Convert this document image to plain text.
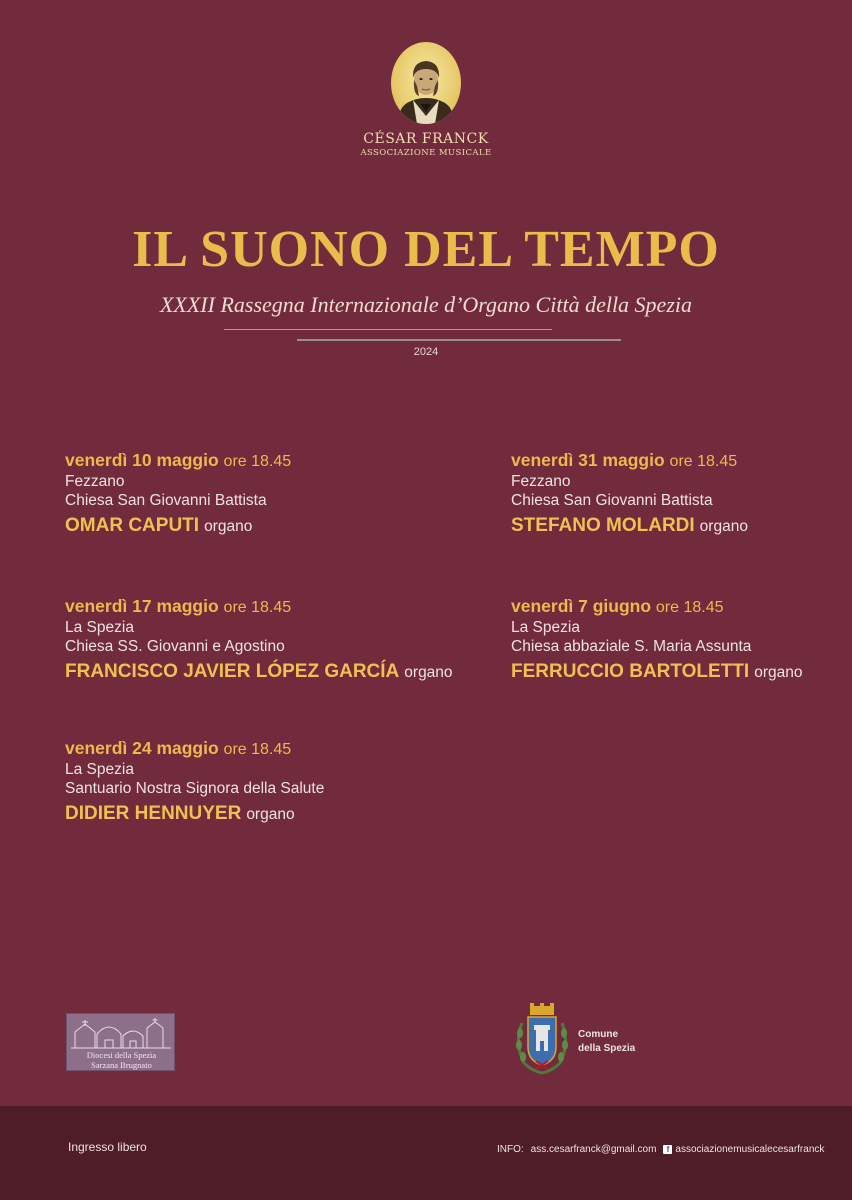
CÉSAR FRANCK
ASSOCIAZIONE MUSICALE
IL SUONO DEL TEMPO
XXXII Rassegna Internazionale d’Organo Città della Spezia
2024
venerdì 10 maggio ore 18.45
Fezzano
Chiesa San Giovanni Battista
OMAR CAPUTI organo
venerdì 17 maggio ore 18.45
La Spezia
Chiesa SS. Giovanni e Agostino
FRANCISCO JAVIER LÓPEZ GARCÍA organo
venerdì 24 maggio ore 18.45
La Spezia
Santuario Nostra Signora della Salute
DIDIER HENNUYER organo
venerdì 31 maggio ore 18.45
Fezzano
Chiesa San Giovanni Battista
STEFANO MOLARDI organo
venerdì 7 giugno ore 18.45
La Spezia
Chiesa abbaziale S. Maria Assunta
FERRUCCIO BARTOLETTI organo
Diocesi della Spezia
Sarzana Brugnato
Comune
della Spezia
Ingresso libero	INFO: ass.cesarfranck@gmail.com	f associazionemusicalecesarfranck
